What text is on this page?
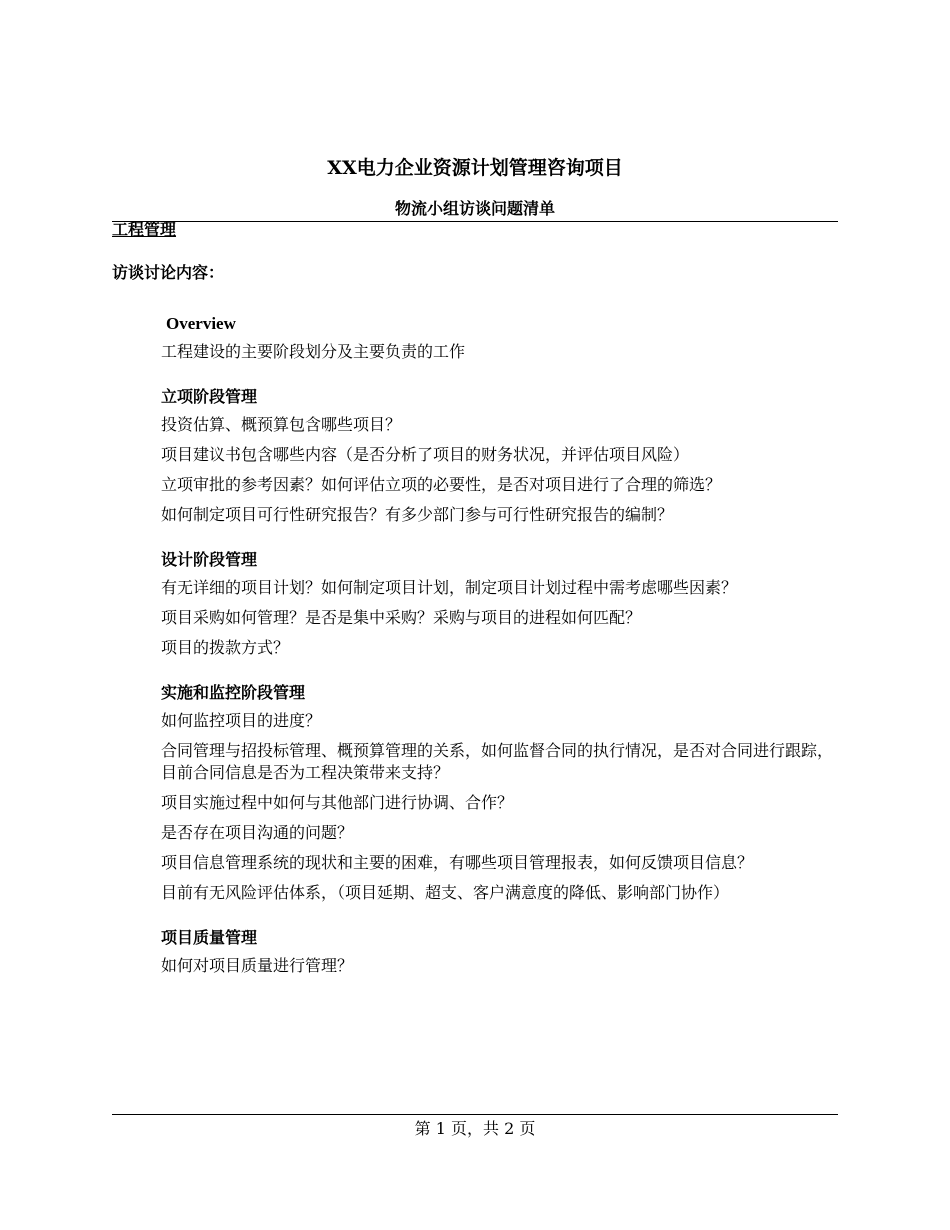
XX电力企业资源计划管理咨询项目
物流小组访谈问题清单
工程管理
访谈讨论内容：
Overview
工程建设的主要阶段划分及主要负责的工作
立项阶段管理
投资估算、概预算包含哪些项目？
项目建议书包含哪些内容（是否分析了项目的财务状况，并评估项目风险）
立项审批的参考因素？如何评估立项的必要性，是否对项目进行了合理的筛选？
如何制定项目可行性研究报告？有多少部门参与可行性研究报告的编制？
设计阶段管理
有无详细的项目计划？如何制定项目计划，制定项目计划过程中需考虑哪些因素？
项目采购如何管理？是否是集中采购？采购与项目的进程如何匹配？
项目的拨款方式？
实施和监控阶段管理
如何监控项目的进度？
合同管理与招投标管理、概预算管理的关系，如何监督合同的执行情况，是否对合同进行跟踪，目前合同信息是否为工程决策带来支持？
项目实施过程中如何与其他部门进行协调、合作？
是否存在项目沟通的问题？
项目信息管理系统的现状和主要的困难，有哪些项目管理报表，如何反馈项目信息？
目前有无风险评估体系，（项目延期、超支、客户满意度的降低、影响部门协作）
项目质量管理
如何对项目质量进行管理？
第 1 页，共 2 页
